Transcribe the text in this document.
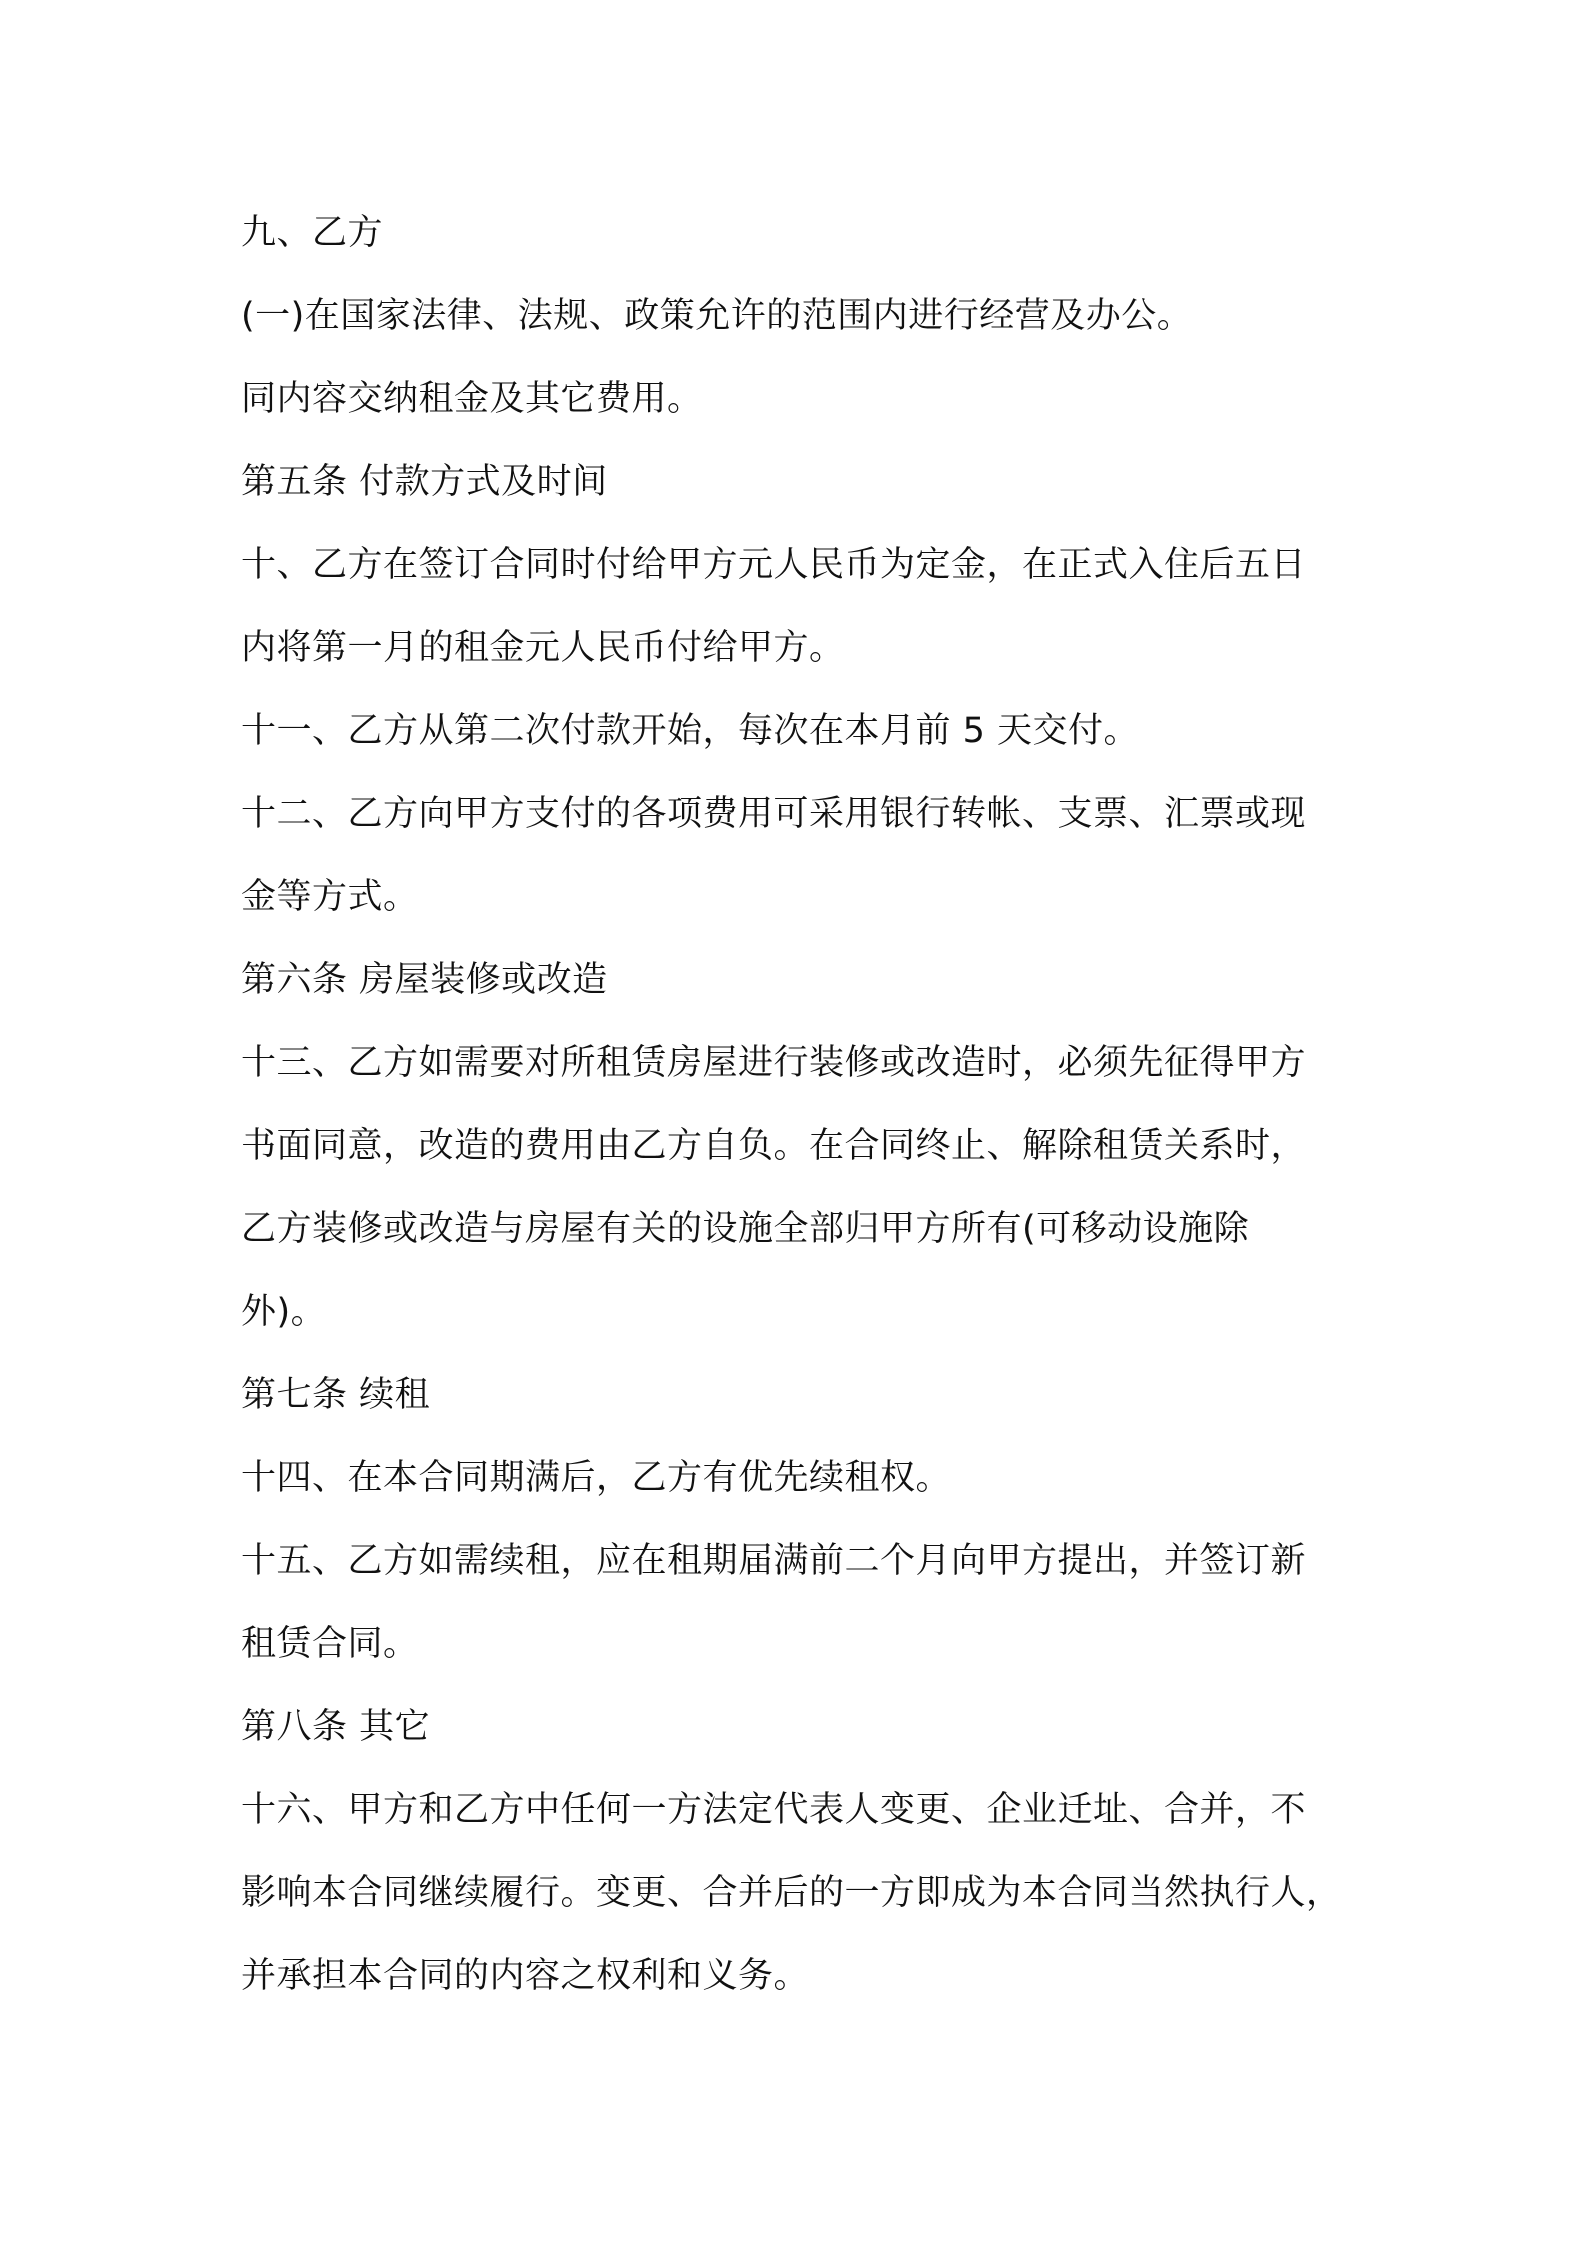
九、乙方
(一)在国家法律、法规、政策允许的范围内进行经营及办公。
同内容交纳租金及其它费用。
第五条 付款方式及时间
十、乙方在签订合同时付给甲方元人民币为定金，在正式入住后五日
内将第一月的租金元人民币付给甲方。
十一、乙方从第二次付款开始，每次在本月前 5 天交付。
十二、乙方向甲方支付的各项费用可采用银行转帐、支票、汇票或现
金等方式。
第六条 房屋装修或改造
十三、乙方如需要对所租赁房屋进行装修或改造时，必须先征得甲方
书面同意，改造的费用由乙方自负。在合同终止、解除租赁关系时，
乙方装修或改造与房屋有关的设施全部归甲方所有(可移动设施除
外)。
第七条 续租
十四、在本合同期满后，乙方有优先续租权。
十五、乙方如需续租，应在租期届满前二个月向甲方提出，并签订新
租赁合同。
第八条 其它
十六、甲方和乙方中任何一方法定代表人变更、企业迁址、合并，不
影响本合同继续履行。变更、合并后的一方即成为本合同当然执行人，
并承担本合同的内容之权利和义务。
